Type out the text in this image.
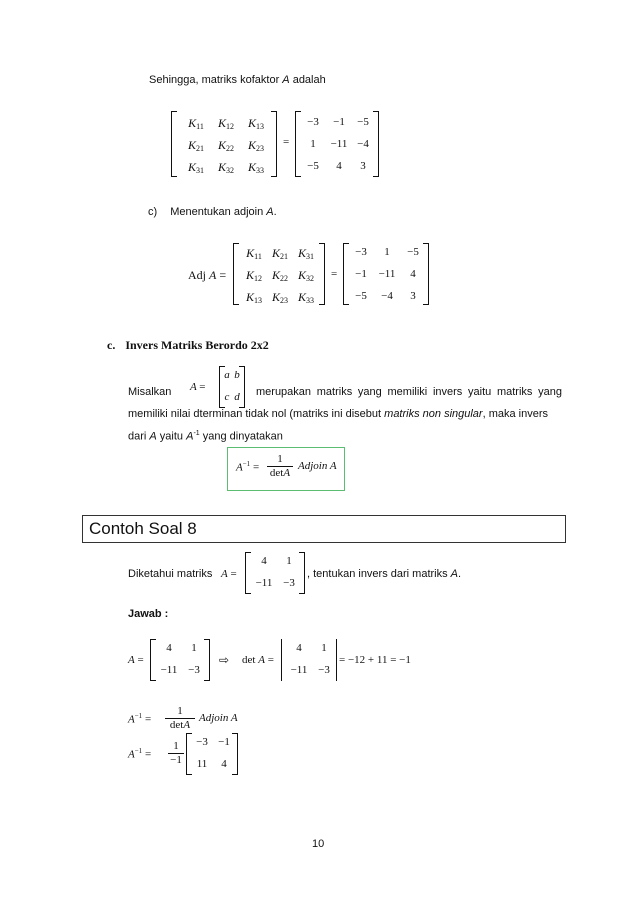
Sehingga, matriks kofaktor A adalah
$K_{11}$	$K_{12}$	$K_{13}$
$K_{21}$	$K_{22}$	$K_{23}$
$K_{31}$	$K_{32}$	$K_{33}$
=
−3	−1	−5
1	−11 −4
−5	4	3
c) Menentukan adjoin A.
Adj A =
$K_{11}$ $K_{21}$ $K_{31}$
$K_{12}$ $K_{22}$ $K_{32}$
$K_{13}$ $K_{23}$ $K_{33}$
=
−3	1	−5
−1	−11	4
−5	−4	3
c. Invers Matriks Berordo 2x2
Misalkan A =
a b
c d merupakan matriks yang memiliki invers yaitu matriks yang
memiliki nilai dterminan tidak nol (matriks ini disebut matriks non singular, maka invers
dari A yaitu $A^{-1}$ yang dinyatakan
$A^{-1}$ =
1
detA
Adjoin A
Contoh Soal 8
Diketahui matriks A =
4	1
−11 −3
, tentukan invers dari matriks A.
Jawab :
A =
4	1
−11 −3
⇨ det A =
4	1
−11 −3
= −12 + 11 = −1
$A^{-1}$ =
1
detA
Adjoin A
$A^{-1}$ =
1
−1
−3 −1
11	4
10
